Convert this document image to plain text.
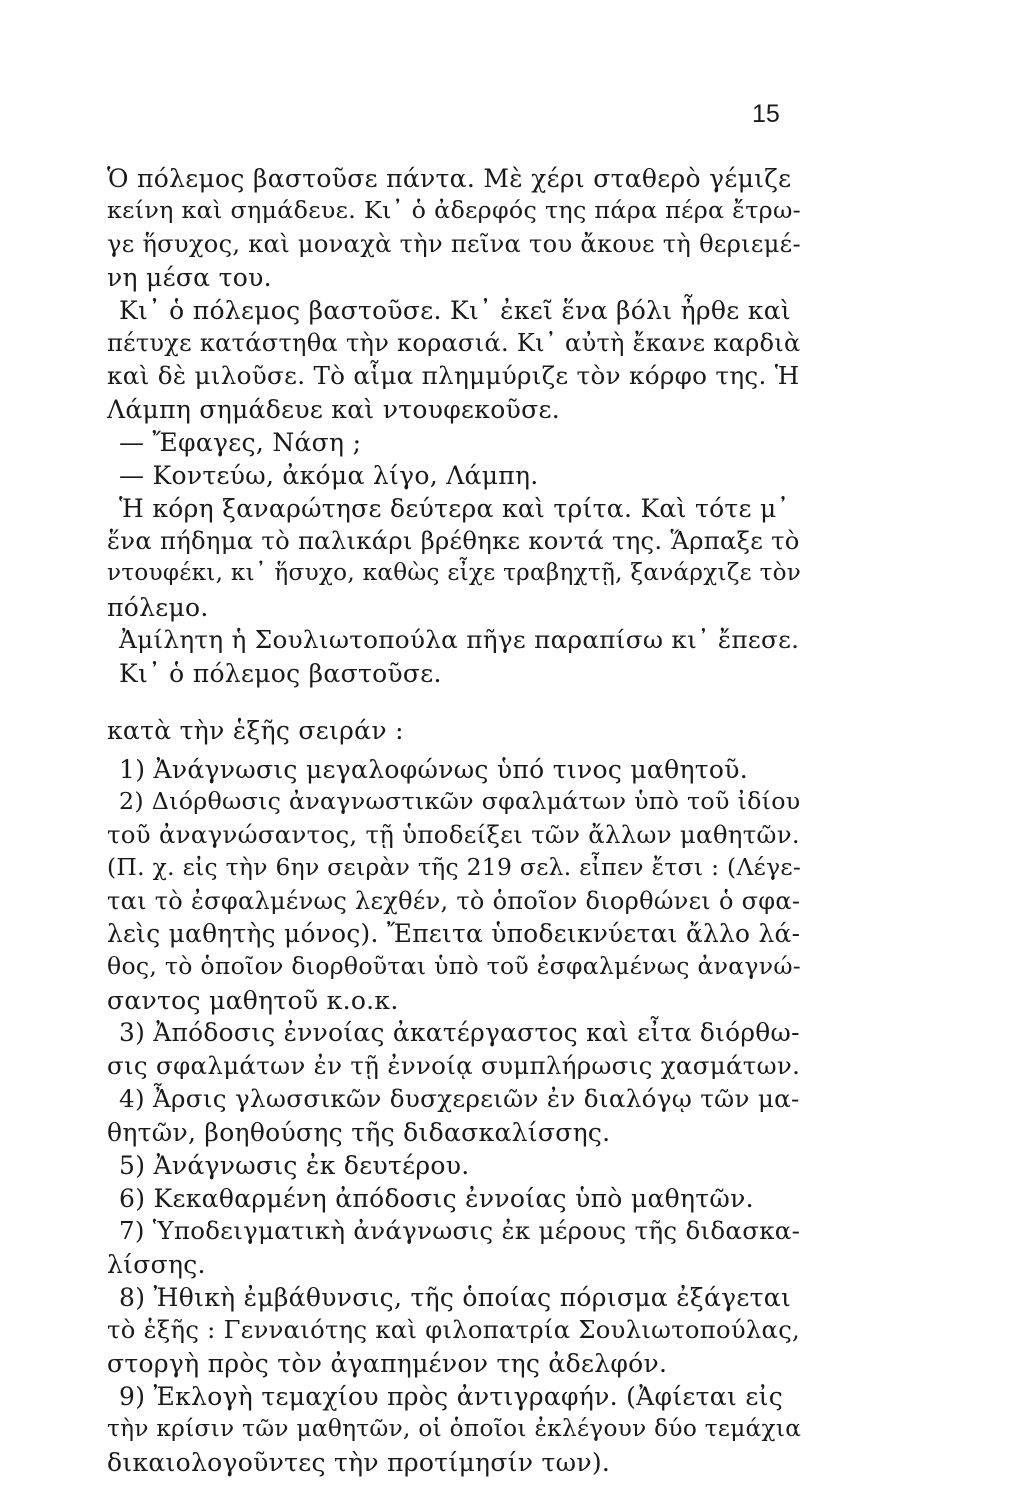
15
Ὁ πόλεμος βαστοῦσε πάντα. Μὲ χέρι σταθερὸ γέμιζε
κείνη καὶ σημάδευε. Κι᾽ ὁ ἀδερφός της πάρα πέρα ἔτρω-
γε ἥσυχος, καὶ μοναχὰ τὴν πεῖνα του ἄκουε τὴ θεριεμέ-
νη μέσα του.
Κι᾽ ὁ πόλεμος βαστοῦσε. Κι᾽ ἐκεῖ ἕνα βόλι ἦρθε καὶ
πέτυχε κατάστηθα τὴν κορασιά. Κι᾽ αὐτὴ ἔκανε καρδιὰ
καὶ δὲ μιλοῦσε. Τὸ αἷμα πλημμύριζε τὸν κόρφο της. Ἡ
Λάμπη σημάδευε καὶ ντουφεκοῦσε.
— Ἔφαγες, Νάση ;
— Κοντεύω, ἀκόμα λίγο, Λάμπη.
Ἡ κόρη ξαναρώτησε δεύτερα καὶ τρίτα. Καὶ τότε μ᾽
ἕνα πήδημα τὸ παλικάρι βρέθηκε κοντά της. Ἅρπαξε τὸ
ντουφέκι, κι᾽ ἥσυχο, καθὼς εἶχε τραβηχτῇ, ξανάρχιζε τὸν
πόλεμο.
Ἀμίλητη ἡ Σουλιωτοπούλα πῆγε παραπίσω κι᾽ ἔπεσε.
Κι᾽ ὁ πόλεμος βαστοῦσε.
κατὰ τὴν ἑξῆς σειράν :
1) Ἀνάγνωσις μεγαλοφώνως ὑπό τινος μαθητοῦ.
2) Διόρθωσις ἀναγνωστικῶν σφαλμάτων ὑπὸ τοῦ ἰδίου
τοῦ ἀναγνώσαντος, τῇ ὑποδείξει τῶν ἄλλων μαθητῶν.
(Π. χ. εἰς τὴν 6ην σειρὰν τῆς 219 σελ. εἶπεν ἔτσι : (Λέγε-
ται τὸ ἐσφαλμένως λεχθέν, τὸ ὁποῖον διορθώνει ὁ σφα-
λεὶς μαθητὴς μόνος). Ἔπειτα ὑποδεικνύεται ἄλλο λά-
θος, τὸ ὁποῖον διορθοῦται ὑπὸ τοῦ ἐσφαλμένως ἀναγνώ-
σαντος μαθητοῦ κ.ο.κ.
3) Ἀπόδοσις ἐννοίας ἀκατέργαστος καὶ εἶτα διόρθω-
σις σφαλμάτων ἐν τῇ ἐννοίᾳ συμπλήρωσις χασμάτων.
4) Ἆρσις γλωσσικῶν δυσχερειῶν ἐν διαλόγῳ τῶν μα-
θητῶν, βοηθούσης τῆς διδασκαλίσσης.
5) Ἀνάγνωσις ἐκ δευτέρου.
6) Κεκαθαρμένη ἀπόδοσις ἐννοίας ὑπὸ μαθητῶν.
7) Ὑποδειγματικὴ ἀνάγνωσις ἐκ μέρους τῆς διδασκα-
λίσσης.
8) Ἠθικὴ ἐμβάθυνσις, τῆς ὁποίας πόρισμα ἐξάγεται
τὸ ἑξῆς : Γενναιότης καὶ φιλοπατρία Σουλιωτοπούλας,
στοργὴ πρὸς τὸν ἀγαπημένον της ἀδελφόν.
9) Ἐκλογὴ τεμαχίου πρὸς ἀντιγραφήν. (Ἀφίεται εἰς
τὴν κρίσιν τῶν μαθητῶν, οἱ ὁποῖοι ἐκλέγουν δύο τεμάχια
δικαιολογοῦντες τὴν προτίμησίν των).
